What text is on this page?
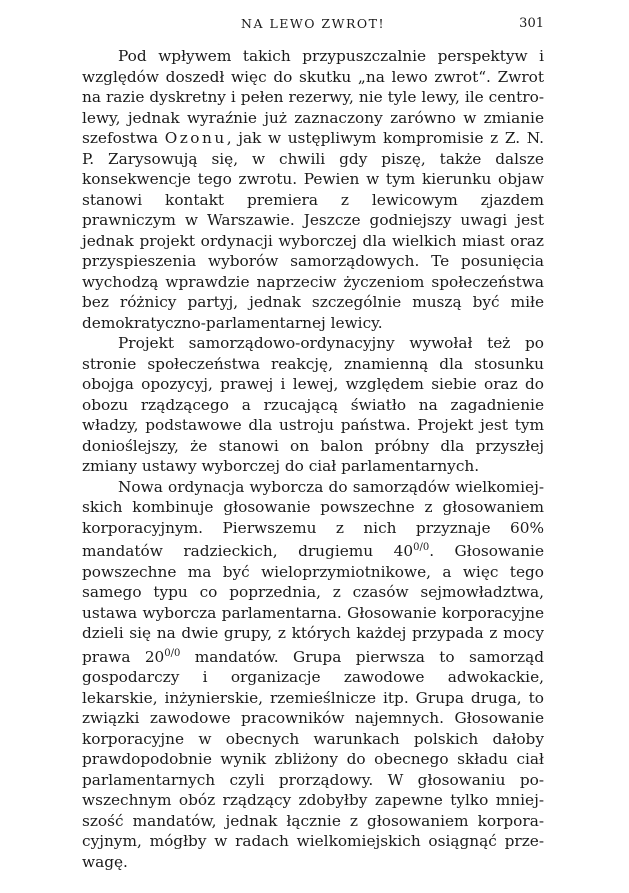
NA LEWO ZWROT!	301

Pod wpływem takich przypuszczalnie perspektyw i względów doszedł więc do skutku „na lewo zwrot“. Zwrot na razie dyskretny i pełen rezerwy, nie tyle lewy, ile centrolewy, jednak wyraźnie już zaznaczony zarówno w zmianie szefostwa Ozonu, jak w ustępliwym kompromisie z Z. N. P. Zarysowują się, w chwili gdy piszę, także dalsze konsekwencje tego zwrotu. Pewien w tym kierunku objaw stanowi kontakt premiera z lewicowym zjazdem prawniczym w Warszawie. Jeszcze godniejszy uwagi jest jednak projekt ordynacji wyborczej dla wielkich miast oraz przyspieszenia wyborów samorządowych. Te posunięcia wychodzą wprawdzie naprzeciw życzeniom społeczeństwa bez różnicy partyj, jednak szczególnie muszą być miłe demokratyczno-parlamentarnej lewicy.

Projekt samorządowo-ordynacyjny wywołał też po stronie społeczeństwa reakcję, znamienną dla stosunku obojga opozycyj, prawej i lewej, względem siebie oraz do obozu rządzącego a rzucającą światło na zagadnienie władzy, podstawowe dla ustroju państwa. Projekt jest tym donioślejszy, że stanowi on balon próbny dla przyszłej zmiany ustawy wyborczej do ciał parlamentarnych.

Nowa ordynacja wyborcza do samorządów wielkomiejskich kombinuje głosowanie powszechne z głosowaniem korporacyjnym. Pierwszemu z nich przyznaje 60% mandatów radzieckich, drugiemu $40^{0/0}$. Głosowanie powszechne ma być wieloprzymiotnikowe, a więc tego samego typu co poprzednia, z czasów sejmowładztwa, ustawa wyborcza parlamentarna. Głosowanie korporacyjne dzieli się na dwie grupy, z których każdej przypada z mocy prawa $20^{0/0}$ mandatów. Grupa pierwsza to samorząd gospodarczy i organizacje zawodowe adwokackie, lekarskie, inżynierskie, rzemieślnicze itp. Grupa druga, to związki zawodowe pracowników najemnych. Głosowanie korporacyjne w obecnych warunkach polskich dałoby prawdopodobnie wynik zbliżony do obecnego składu ciał parlamentarnych czyli prorządowy. W głosowaniu powszechnym obóz rządzący zdobyłby zapewne tylko mniejszość mandatów, jednak łącznie z głosowaniem korporacyjnym, mógłby w radach wielkomiejskich osiągnąć przewagę.
